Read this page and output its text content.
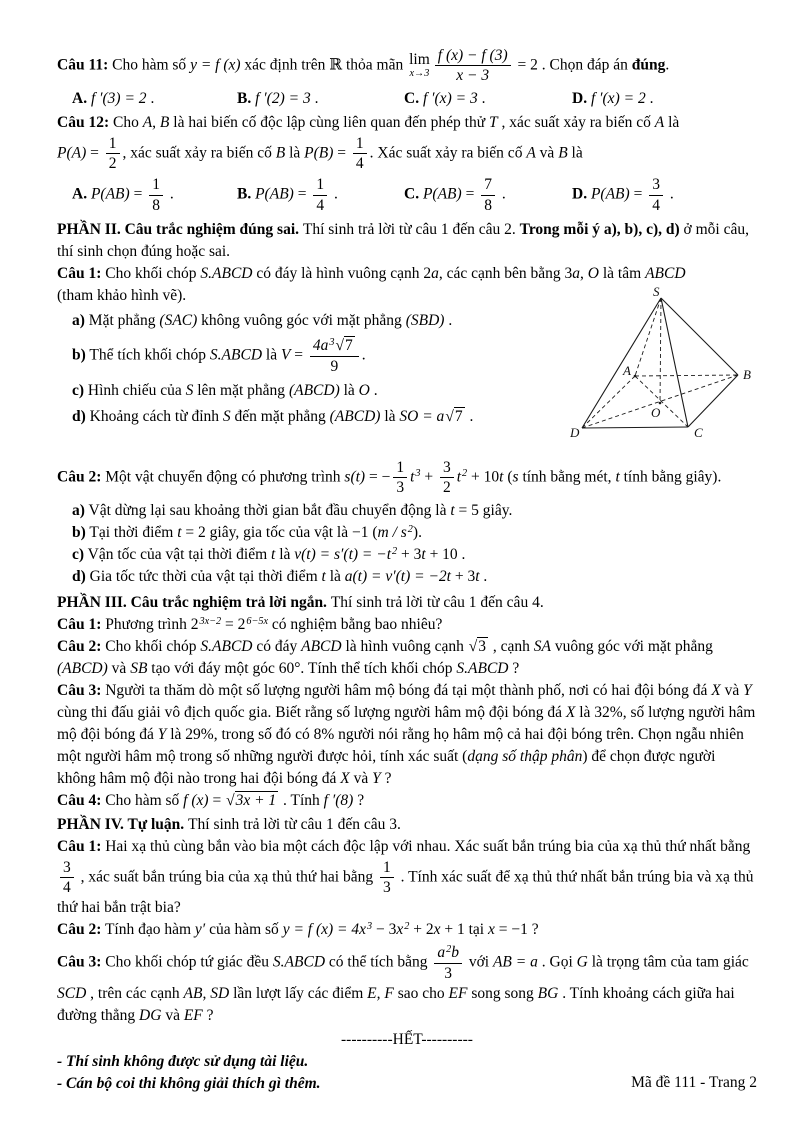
Câu 11: Cho hàm số y = f (x) xác định trên ℝ thỏa mãn lim
$x\to 3 \frac{f (x) - f (3)}{x - 3} = 2$ . Chọn đáp án đúng.
A. f ′(3) = 2 .	B. f ′(2) = 3 .	C. f ′(x) = 3 .	D. f ′(x) = 2 .
Câu 12: Cho A, B là hai biến cố độc lập cùng liên quan đến phép thử T , xác suất xảy ra biến cố A là
$P(A) = \frac{1}{2}$ , xác suất xảy ra biến cố B là $P(B) = \frac{1}{4}$ . Xác suất xảy ra biến cố A và B là
A. $P(AB) = \frac{1}{8}$ .	B. $P(AB) = \frac{1}{4}$ .	C. $P(AB) = \frac{7}{8}$ .	D. $P(AB) = \frac{3}{4}$ .
PHẦN II. Câu trắc nghiệm đúng sai. Thí sinh trả lời từ câu 1 đến câu 2. Trong mỗi ý a), b), c), d) ở mỗi câu, thí sinh chọn đúng hoặc sai.
Câu 1: Cho khối chóp S.ABCD có đáy là hình vuông cạnh 2a, các cạnh bên bằng 3a, O là tâm ABCD
(tham khảo hình vẽ).
a) Mặt phẳng (SAC) không vuông góc với mặt phẳng (SBD) .
b) Thể tích khối chóp S.ABCD là $V = \frac{4a^3√7}{9}$ .
c) Hình chiếu của S lên mặt phẳng (ABCD) là O .
d) Khoảng cách từ đỉnh S đến mặt phẳng (ABCD) là SO = a√7 .
Câu 2: Một vật chuyển động có phương trình s(t) = − $\frac{1}{3} t^3 + \frac{3}{2} t^2 + 10t$ (s tính bằng mét, t tính bằng giây).
a) Vật dừng lại sau khoảng thời gian bắt đầu chuyển động là t = 5 giây.
b) Tại thời điểm t = 2 giây, gia tốc của vật là −1 $(m / s^2)$.
c) Vận tốc của vật tại thời điểm t là $v(t) = s'(t) = -t^2 + 3t + 10$ .
d) Gia tốc tức thời của vật tại thời điểm t là a(t) = v′(t) = −2t + 3t .
PHẦN III. Câu trắc nghiệm trả lời ngắn. Thí sinh trả lời từ câu 1 đến câu 4.
Câu 1: Phương trình $2^{3x-2} = 2^{6-5x}$ có nghiệm bằng bao nhiêu?
Câu 2: Cho khối chóp S.ABCD có đáy ABCD là hình vuông cạnh √3 , cạnh SA vuông góc với mặt phẳng (ABCD) và SB tạo với đáy một góc 60°. Tính thể tích khối chóp S.ABCD ?
Câu 3: Người ta thăm dò một số lượng người hâm mộ bóng đá tại một thành phố, nơi có hai đội bóng đá X và Y cùng thi đấu giải vô địch quốc gia. Biết rằng số lượng người hâm mộ đội bóng đá X là 32%, số lượng người hâm mộ đội bóng đá Y là 29%, trong số đó có 8% người nói rằng họ hâm mộ cả hai đội bóng trên. Chọn ngẫu nhiên một người hâm mộ trong số những người được hỏi, tính xác suất (dạng số thập phân) để chọn được người không hâm mộ đội nào trong hai đội bóng đá X và Y ?
Câu 4: Cho hàm số f (x) = √3x + 1 . Tính f ′(8) ?
PHẦN IV. Tự luận. Thí sinh trả lời từ câu 1 đến câu 3.
Câu 1: Hai xạ thủ cùng bắn vào bia một cách độc lập với nhau. Xác suất bắn trúng bia của xạ thủ thứ nhất bằng
$\frac{3}{4}$ , xác suất bắn trúng bia của xạ thủ thứ hai bằng $\frac{1}{3}$ . Tính xác suất để xạ thủ thứ nhất bắn trúng bia và xạ thủ thứ hai bắn trật bia?
Câu 2: Tính đạo hàm y′ của hàm số y = f $(x) = 4x^3 - 3x^2 + 2x + 1$ tại x = −1 ?
Câu 3: Cho khối chóp tứ giác đều S.ABCD có thể tích bằng $\frac{a^2b}{3}$ với AB = a . Gọi G là trọng tâm của tam giác SCD , trên các cạnh AB, SD lần lượt lấy các điểm E, F sao cho EF song song BG . Tính khoảng cách giữa hai đường thẳng DG và EF ?
----------HẾT----------
- Thí sinh không được sử dụng tài liệu.
- Cán bộ coi thi không giải thích gì thêm.
S
A	B
D	C
O
Mã đề 111 - Trang 2
